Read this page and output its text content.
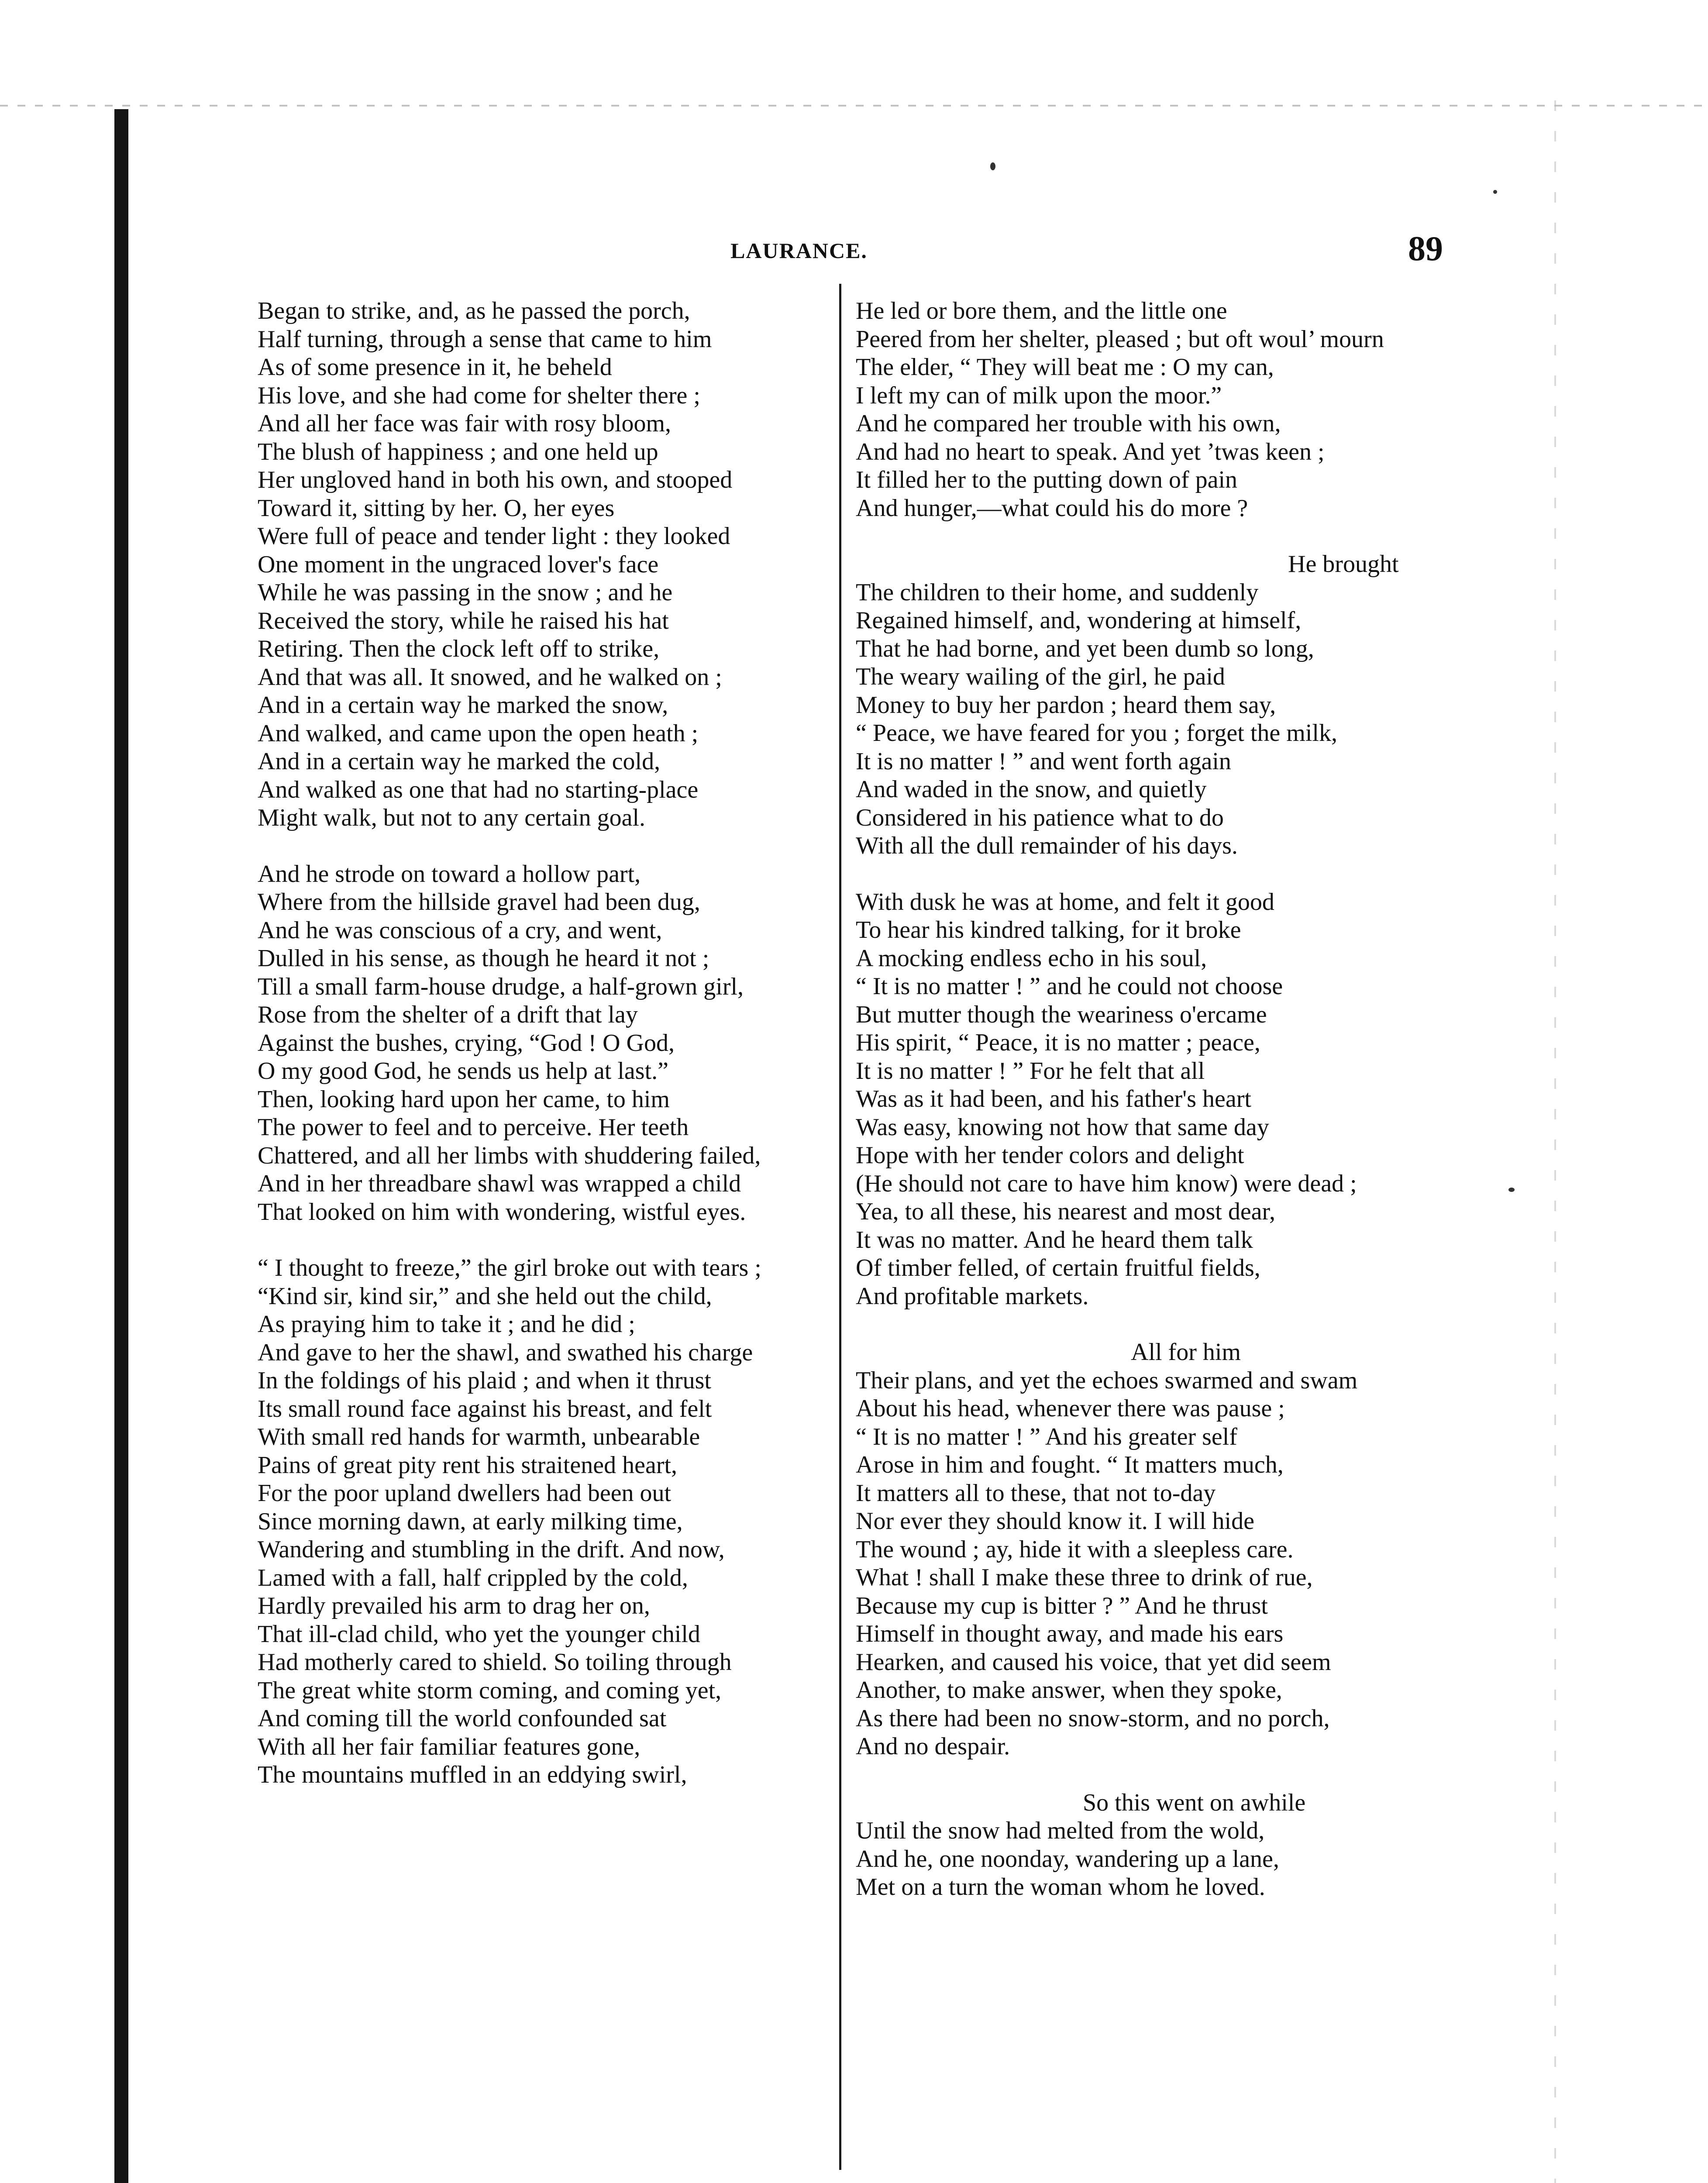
LAURANCE.	89
Began to strike, and, as he passed the porch,
Half turning, through a sense that came to him
As of some presence in it, he beheld
His love, and she had come for shelter there ;
And all her face was fair with rosy bloom,
The blush of happiness ; and one held up
Her ungloved hand in both his own, and stooped
Toward it, sitting by her. O, her eyes
Were full of peace and tender light : they looked
One moment in the ungraced lover's face
While he was passing in the snow ; and he
Received the story, while he raised his hat
Retiring. Then the clock left off to strike,
And that was all. It snowed, and he walked on ;
And in a certain way he marked the snow,
And walked, and came upon the open heath ;
And in a certain way he marked the cold,
And walked as one that had no starting-place
Might walk, but not to any certain goal.
And he strode on toward a hollow part,
Where from the hillside gravel had been dug,
And he was conscious of a cry, and went,
Dulled in his sense, as though he heard it not ;
Till a small farm-house drudge, a half-grown girl,
Rose from the shelter of a drift that lay
Against the bushes, crying, “God ! O God,
O my good God, he sends us help at last.”
Then, looking hard upon her came, to him
The power to feel and to perceive. Her teeth
Chattered, and all her limbs with shuddering failed,
And in her threadbare shawl was wrapped a child
That looked on him with wondering, wistful eyes.
“ I thought to freeze,” the girl broke out with tears ;
“Kind sir, kind sir,” and she held out the child,
As praying him to take it ; and he did ;
And gave to her the shawl, and swathed his charge
In the foldings of his plaid ; and when it thrust
Its small round face against his breast, and felt
With small red hands for warmth, unbearable
Pains of great pity rent his straitened heart,
For the poor upland dwellers had been out
Since morning dawn, at early milking time,
Wandering and stumbling in the drift. And now,
Lamed with a fall, half crippled by the cold,
Hardly prevailed his arm to drag her on,
That ill-clad child, who yet the younger child
Had motherly cared to shield. So toiling through
The great white storm coming, and coming yet,
And coming till the world confounded sat
With all her fair familiar features gone,
The mountains muffled in an eddying swirl,
He led or bore them, and the little one
Peered from her shelter, pleased ; but oft woul’ mourn
The elder, “ They will beat me : O my can,
I left my can of milk upon the moor.”
And he compared her trouble with his own,
And had no heart to speak. And yet ’twas keen ;
It filled her to the putting down of pain
And hunger,—what could his do more ?
He brought
The children to their home, and suddenly
Regained himself, and, wondering at himself,
That he had borne, and yet been dumb so long,
The weary wailing of the girl, he paid
Money to buy her pardon ; heard them say,
“ Peace, we have feared for you ; forget the milk,
It is no matter ! ” and went forth again
And waded in the snow, and quietly
Considered in his patience what to do
With all the dull remainder of his days.
With dusk he was at home, and felt it good
To hear his kindred talking, for it broke
A mocking endless echo in his soul,
“ It is no matter ! ” and he could not choose
But mutter though the weariness o'ercame
His spirit, “ Peace, it is no matter ; peace,
It is no matter ! ” For he felt that all
Was as it had been, and his father's heart
Was easy, knowing not how that same day
Hope with her tender colors and delight
(He should not care to have him know) were dead ;
Yea, to all these, his nearest and most dear,
It was no matter. And he heard them talk
Of timber felled, of certain fruitful fields,
And profitable markets.
All for him
Their plans, and yet the echoes swarmed and swam
About his head, whenever there was pause ;
“ It is no matter ! ” And his greater self
Arose in him and fought. “ It matters much,
It matters all to these, that not to-day
Nor ever they should know it. I will hide
The wound ; ay, hide it with a sleepless care.
What ! shall I make these three to drink of rue,
Because my cup is bitter ? ” And he thrust
Himself in thought away, and made his ears
Hearken, and caused his voice, that yet did seem
Another, to make answer, when they spoke,
As there had been no snow-storm, and no porch,
And no despair.
So this went on awhile
Until the snow had melted from the wold,
And he, one noonday, wandering up a lane,
Met on a turn the woman whom he loved.
